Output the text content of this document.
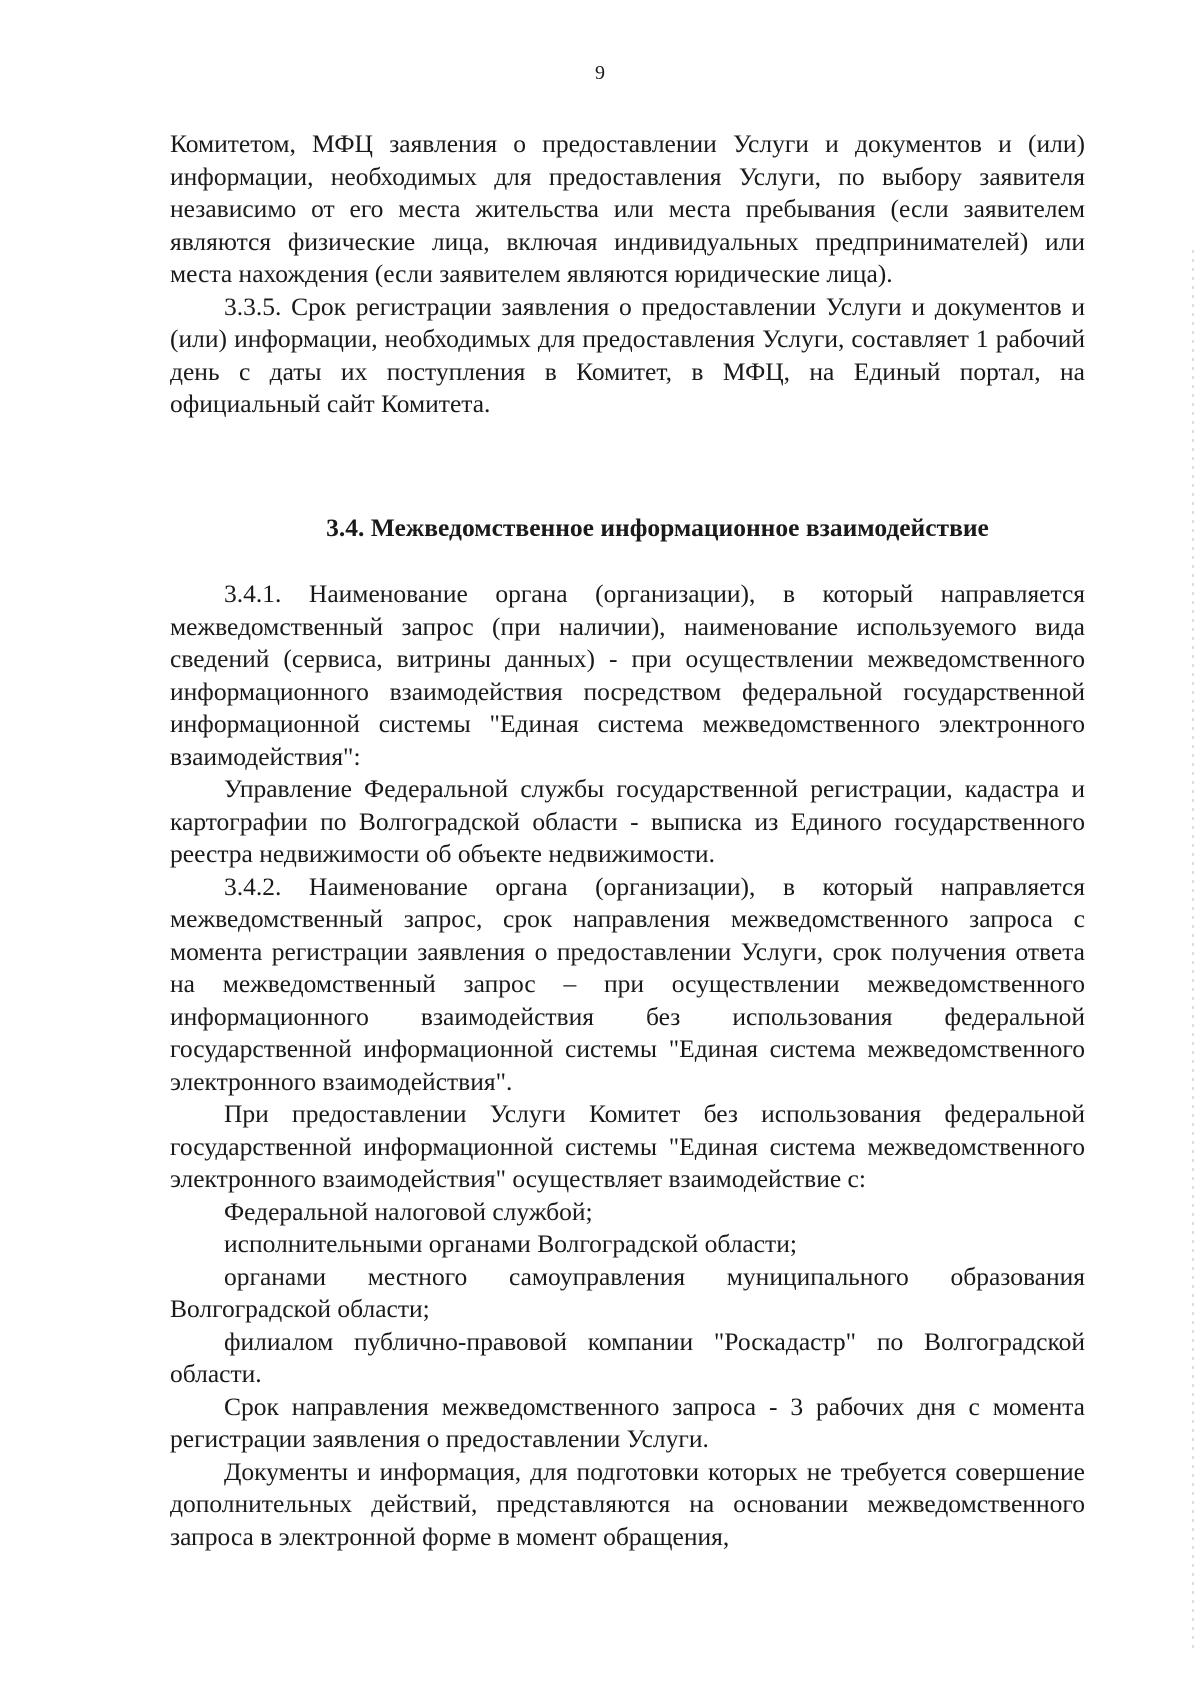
9

Комитетом, МФЦ заявления о предоставлении Услуги и документов и (или) информации, необходимых для предоставления Услуги, по выбору заявителя независимо от его места жительства или места пребывания (если заявителем являются физические лица, включая индивидуальных предпринимателей) или места нахождения (если заявителем являются юридические лица).

3.3.5. Срок регистрации заявления о предоставлении Услуги и документов и (или) информации, необходимых для предоставления Услуги, составляет 1 рабочий день с даты их поступления в Комитет, в МФЦ, на Единый портал, на официальный сайт Комитета.

3.4. Межведомственное информационное взаимодействие

3.4.1. Наименование органа (организации), в который направляется межведомственный запрос (при наличии), наименование используемого вида сведений (сервиса, витрины данных) - при осуществлении межведомственного информационного взаимодействия посредством федеральной государственной информационной системы "Единая система межведомственного электронного взаимодействия":

Управление Федеральной службы государственной регистрации, кадастра и картографии по Волгоградской области - выписка из Единого государственного реестра недвижимости об объекте недвижимости.

3.4.2. Наименование органа (организации), в который направляется межведомственный запрос, срок направления межведомственного запроса с момента регистрации заявления о предоставлении Услуги, срок получения ответа на межведомственный запрос – при осуществлении межведомственного информационного взаимодействия без использования федеральной государственной информационной системы "Единая система межведомственного электронного взаимодействия".

При предоставлении Услуги Комитет без использования федеральной государственной информационной системы "Единая система межведомственного электронного взаимодействия" осуществляет взаимодействие с:

Федеральной налоговой службой;

исполнительными органами Волгоградской области;

органами местного самоуправления муниципального образования Волгоградской области;

филиалом публично-правовой компании "Роскадастр" по Волгоградской области.

Срок направления межведомственного запроса - 3 рабочих дня с момента регистрации заявления о предоставлении Услуги.

Документы и информация, для подготовки которых не требуется совершение дополнительных действий, представляются на основании межведомственного запроса в электронной форме в момент обращения,
